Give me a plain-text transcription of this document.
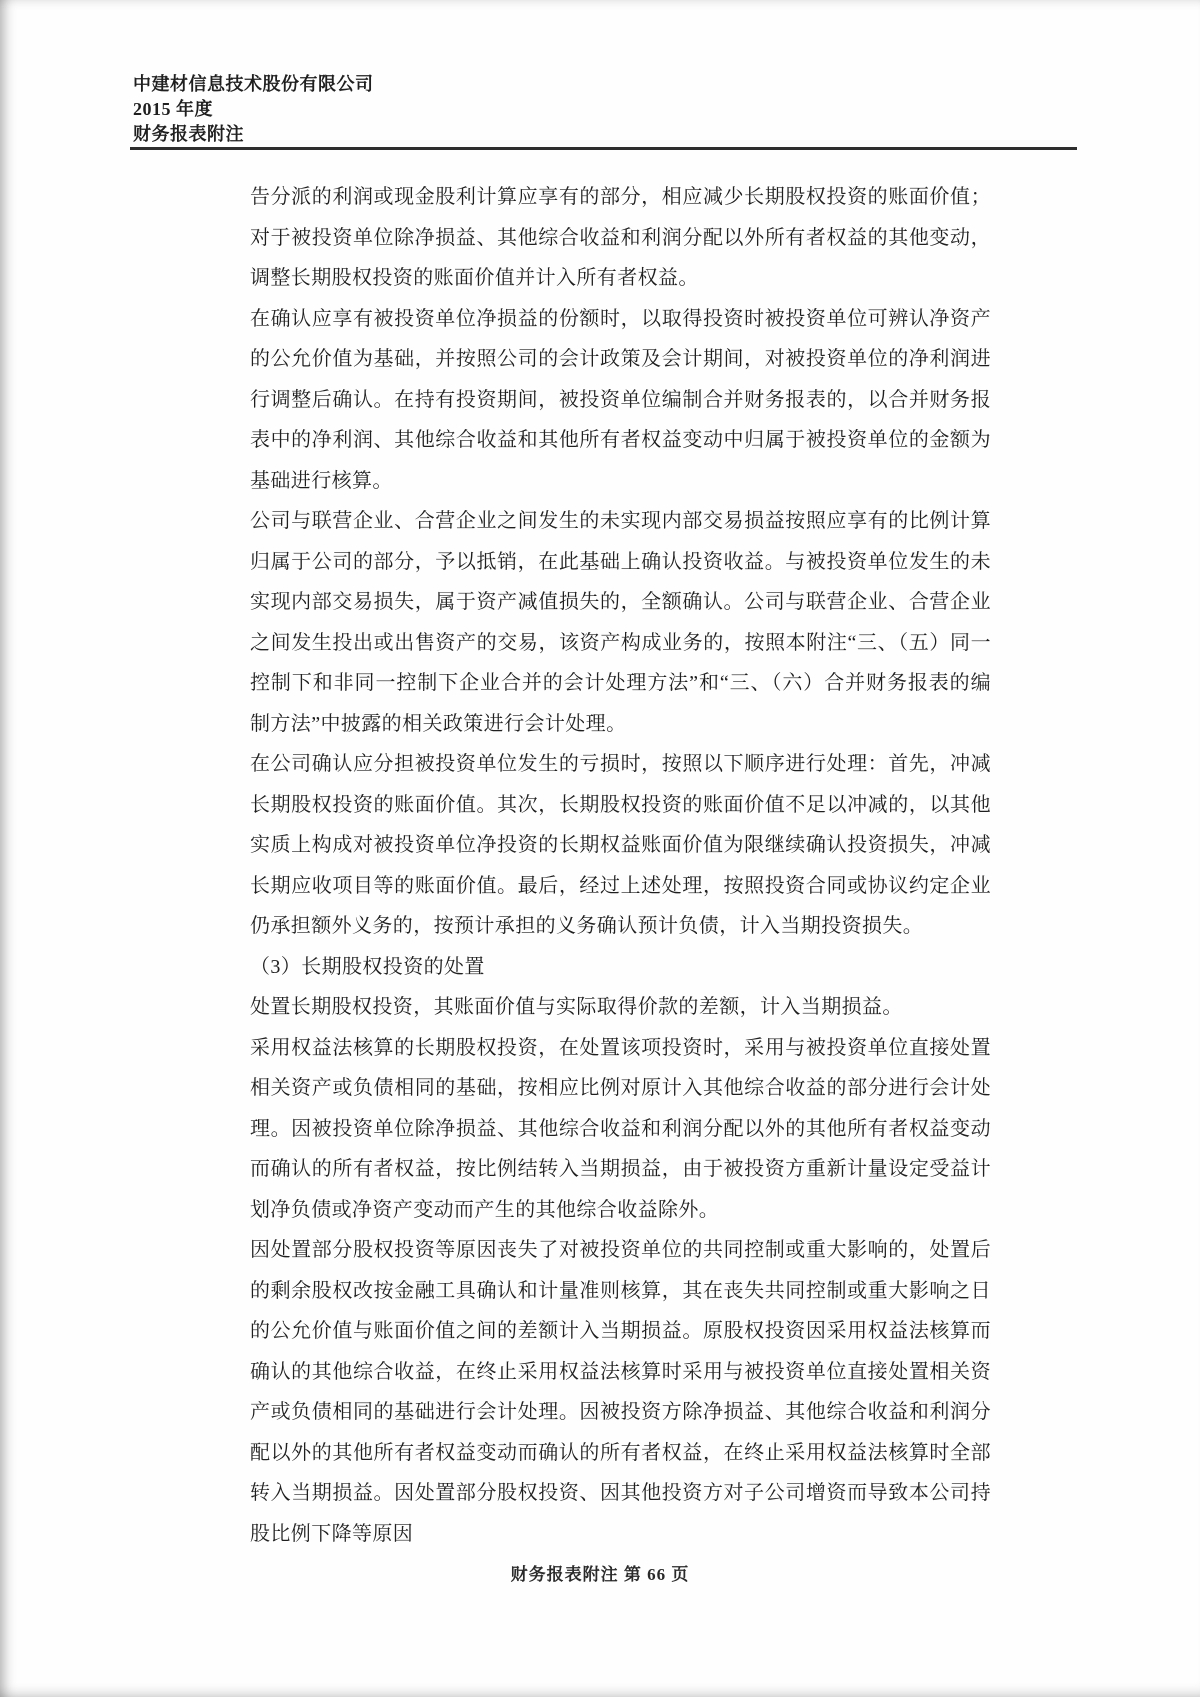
中建材信息技术股份有限公司
2015 年度
财务报表附注

告分派的利润或现金股利计算应享有的部分，相应减少长期股权投资的账面价值；对于被投资单位除净损益、其他综合收益和利润分配以外所有者权益的其他变动，调整长期股权投资的账面价值并计入所有者权益。

在确认应享有被投资单位净损益的份额时，以取得投资时被投资单位可辨认净资产的公允价值为基础，并按照公司的会计政策及会计期间，对被投资单位的净利润进行调整后确认。在持有投资期间，被投资单位编制合并财务报表的，以合并财务报表中的净利润、其他综合收益和其他所有者权益变动中归属于被投资单位的金额为基础进行核算。

公司与联营企业、合营企业之间发生的未实现内部交易损益按照应享有的比例计算归属于公司的部分，予以抵销，在此基础上确认投资收益。与被投资单位发生的未实现内部交易损失，属于资产减值损失的，全额确认。公司与联营企业、合营企业之间发生投出或出售资产的交易，该资产构成业务的，按照本附注“三、（五）同一控制下和非同一控制下企业合并的会计处理方法”和“三、（六）合并财务报表的编制方法”中披露的相关政策进行会计处理。

在公司确认应分担被投资单位发生的亏损时，按照以下顺序进行处理：首先，冲减长期股权投资的账面价值。其次，长期股权投资的账面价值不足以冲减的，以其他实质上构成对被投资单位净投资的长期权益账面价值为限继续确认投资损失，冲减长期应收项目等的账面价值。最后，经过上述处理，按照投资合同或协议约定企业仍承担额外义务的，按预计承担的义务确认预计负债，计入当期投资损失。

（3）长期股权投资的处置

处置长期股权投资，其账面价值与实际取得价款的差额，计入当期损益。

采用权益法核算的长期股权投资，在处置该项投资时，采用与被投资单位直接处置相关资产或负债相同的基础，按相应比例对原计入其他综合收益的部分进行会计处理。因被投资单位除净损益、其他综合收益和利润分配以外的其他所有者权益变动而确认的所有者权益，按比例结转入当期损益，由于被投资方重新计量设定受益计划净负债或净资产变动而产生的其他综合收益除外。

因处置部分股权投资等原因丧失了对被投资单位的共同控制或重大影响的，处置后的剩余股权改按金融工具确认和计量准则核算，其在丧失共同控制或重大影响之日的公允价值与账面价值之间的差额计入当期损益。原股权投资因采用权益法核算而确认的其他综合收益，在终止采用权益法核算时采用与被投资单位直接处置相关资产或负债相同的基础进行会计处理。因被投资方除净损益、其他综合收益和利润分配以外的其他所有者权益变动而确认的所有者权益，在终止采用权益法核算时全部转入当期损益。因处置部分股权投资、因其他投资方对子公司增资而导致本公司持股比例下降等原因

财务报表附注 第 66 页
